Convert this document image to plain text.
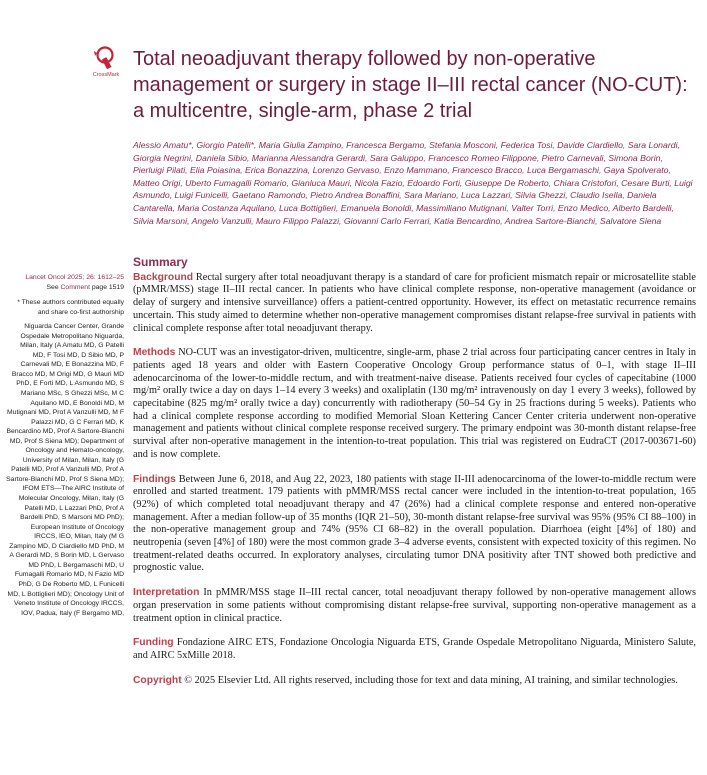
CrossMark
Total neoadjuvant therapy followed by non-operative management or surgery in stage II–III rectal cancer (NO-CUT): a multicentre, single-arm, phase 2 trial

Alessio Amatu*, Giorgio Patelli*, Maria Giulia Zampino, Francesca Bergamo, Stefania Mosconi, Federica Tosi, Davide Ciardiello, Sara Lonardi, Giorgia Negrini, Daniela Sibio, Marianna Alessandra Gerardi, Sara Galuppo, Francesco Romeo Filippone, Pietro Carnevali, Simona Borin, Pierluigi Pilati, Elia Poiasina, Erica Bonazzina, Lorenzo Gervaso, Enzo Mammano, Francesco Bracco, Luca Bergamaschi, Gaya Spolverato, Matteo Origi, Uberto Fumagalli Romario, Gianluca Mauri, Nicola Fazio, Edoardo Forti, Giuseppe De Roberto, Chiara Cristofori, Cesare Burti, Luigi Asmundo, Luigi Funicelli, Gaetano Ramondo, Pietro Andrea Bonaffini, Sara Mariano, Luca Lazzari, Silvia Ghezzi, Claudio Isella, Daniela Cantarella, Maria Costanza Aquilano, Luca Bottiglieri, Emanuela Bonoldi, Massimiliano Mutignani, Valter Torri, Enzo Medico, Alberto Bardelli, Silvia Marsoni, Angelo Vanzulli, Mauro Filippo Palazzi, Giovanni Carlo Ferrari, Katia Bencardino, Andrea Sartore-Bianchi, Salvatore Siena

Lancet Oncol 2025; 26: 1612–25

See Comment page 1519

* These authors contributed equally and share co-first authorship

Niguarda Cancer Center, Grande Ospedale Metropolitano Niguarda, Milan, Italy (A Amatu MD, G Patelli MD, F Tosi MD, D Sibio MD, P Carnevali MD, E Bonazzina MD, F Bracco MD, M Origi MD, G Mauri MD PhD, E Forti MD, L Asmundo MD, S Mariano MSc, S Ghezzi MSc, M C Aquilano MD, E Bonoldi MD, M Mutignani MD, Prof A Vanzulli MD, M F Palazzi MD, G C Ferrari MD, K Bencardino MD, Prof A Sartore-Bianchi MD, Prof S Siena MD); Department of Oncology and Hemato-oncology, University of Milan, Milan, Italy (G Patelli MD, Prof A Vanzulli MD, Prof A Sartore-Bianchi MD, Prof S Siena MD); IFOM ETS—The AIRC Institute of Molecular Oncology, Milan, Italy (G Patelli MD, L Lazzari PhD, Prof A Bardelli PhD, S Marsoni MD PhD); European Institute of Oncology IRCCS, IEO, Milan, Italy (M G Zampino MD, D Ciardiello MD PhD, M A Gerardi MD, S Borin MD, L Gervaso MD PhD, L Bergamaschi MD, U Fumagalli Romario MD, N Fazio MD PhD, G De Roberto MD, L Funicelli MD, L Bottiglieri MD); Oncology Unit of Veneto Institute of Oncology IRCCS, IOV, Padua, Italy (F Bergamo MD,

Summary

Background Rectal surgery after total neoadjuvant therapy is a standard of care for proficient mismatch repair or microsatellite stable (pMMR/MSS) stage II–III rectal cancer. In patients who have clinical complete response, non-operative management (avoidance or delay of surgery and intensive surveillance) offers a patient-centred opportunity. However, its effect on metastatic recurrence remains uncertain. This study aimed to determine whether non-operative management compromises distant relapse-free survival in patients with clinical complete response after total neoadjuvant therapy.

Methods NO-CUT was an investigator-driven, multicentre, single-arm, phase 2 trial across four participating cancer centres in Italy in patients aged 18 years and older with Eastern Cooperative Oncology Group performance status of 0–1, with stage II–III adenocarcinoma of the lower-to-middle rectum, and with treatment-naive disease. Patients received four cycles of capecitabine (1000 mg/m² orally twice a day on days 1–14 every 3 weeks) and oxaliplatin (130 mg/m² intravenously on day 1 every 3 weeks), followed by capecitabine (825 mg/m² orally twice a day) concurrently with radiotherapy (50–54 Gy in 25 fractions during 5 weeks). Patients who had a clinical complete response according to modified Memorial Sloan Kettering Cancer Center criteria underwent non-operative management and patients without clinical complete response received surgery. The primary endpoint was 30-month distant relapse-free survival after non-operative management in the intention-to-treat population. This trial was registered on EudraCT (2017-003671-60) and is now complete.

Findings Between June 6, 2018, and Aug 22, 2023, 180 patients with stage II-III adenocarcinoma of the lower-to-middle rectum were enrolled and started treatment. 179 patients with pMMR/MSS rectal cancer were included in the intention-to-treat population, 165 (92%) of which completed total neoadjuvant therapy and 47 (26%) had a clinical complete response and entered non-operative management. After a median follow-up of 35 months (IQR 21–50), 30-month distant relapse-free survival was 95% (95% CI 88–100) in the non-operative management group and 74% (95% CI 68–82) in the overall population. Diarrhoea (eight [4%] of 180) and neutropenia (seven [4%] of 180) were the most common grade 3–4 adverse events, consistent with expected toxicity of this regimen. No treatment-related deaths occurred. In exploratory analyses, circulating tumor DNA positivity after TNT showed both predictive and prognostic value.

Interpretation In pMMR/MSS stage II–III rectal cancer, total neoadjuvant therapy followed by non-operative management allows organ preservation in some patients without compromising distant relapse-free survival, supporting non-operative management as a treatment option in clinical practice.

Funding Fondazione AIRC ETS, Fondazione Oncologia Niguarda ETS, Grande Ospedale Metropolitano Niguarda, Ministero Salute, and AIRC 5xMille 2018.

Copyright © 2025 Elsevier Ltd. All rights reserved, including those for text and data mining, AI training, and similar technologies.
